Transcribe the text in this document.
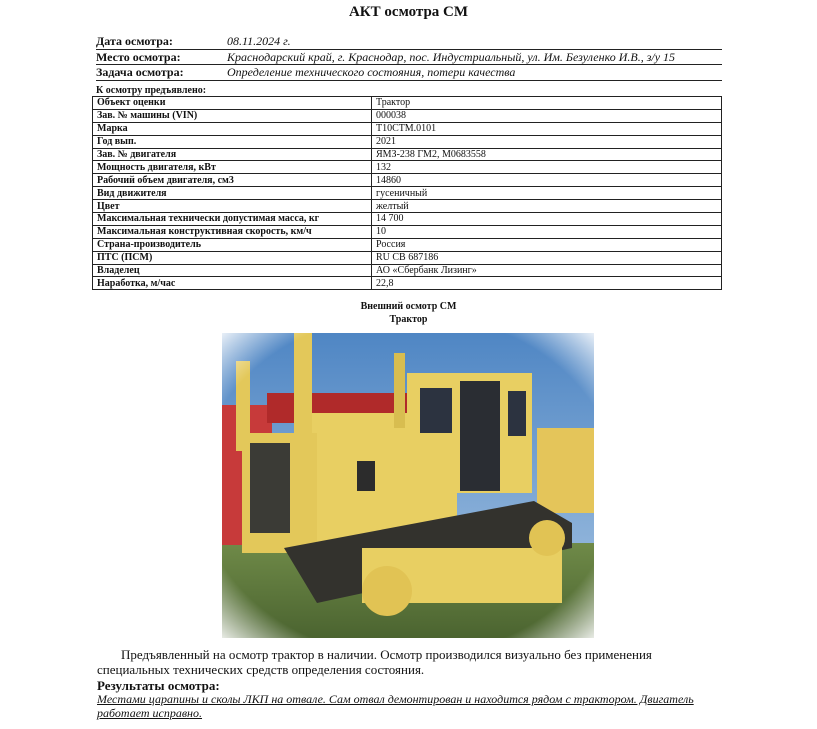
АКТ осмотра СМ
Дата осмотра:	08.11.2024 г.
Место осмотра:	Краснодарский край, г. Краснодар, пос. Индустриальный, ул. Им. Безуленко И.В., з/у 15
Задача осмотра:	Определение технического состояния, потери качества
К осмотру предъявлено:
Объект оценки	Трактор
Зав. № машины (VIN)	000038
Марка	Т10СТМ.0101
Год вып.	2021
Зав. № двигателя	ЯМЗ-238 ГМ2, М0683558
Мощность двигателя, кВт	132
Рабочий объем двигателя, см3	14860
Вид движителя	гусеничный
Цвет	желтый
Максимальная технически допустимая масса, кг	14 700
Максимальная конструктивная скорость, км/ч	10
Страна-производитель	Россия
ПТС (ПСМ)	RU CB 687186
Владелец	АО «Сбербанк Лизинг»
Наработка, м/час	22,8
Внешний осмотр СМ
Трактор
Предъявленный на осмотр трактор в наличии. Осмотр производился визуально без применения специальных технических средств определения состояния.
Результаты осмотра:
Местами царапины и сколы ЛКП на отвале. Сам отвал демонтирован и находится рядом с трактором. Двигатель работает исправно.
